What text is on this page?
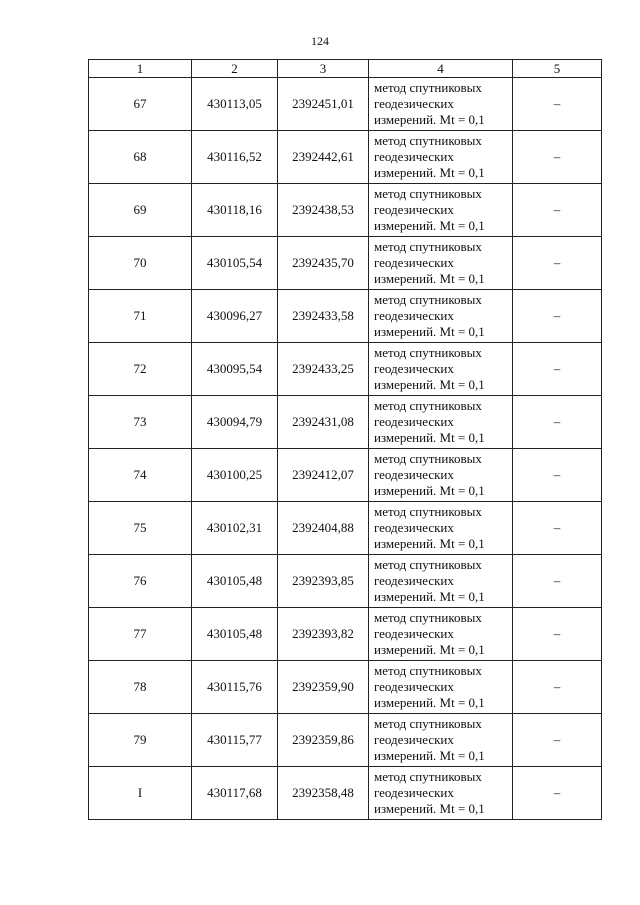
124
1	2	3	4	5
67	430113,05	2392451,01	метод спутниковых
геодезических
измерений. Mt = 0,1	–
68	430116,52	2392442,61	метод спутниковых
геодезических
измерений. Mt = 0,1	–
69	430118,16	2392438,53	метод спутниковых
геодезических
измерений. Mt = 0,1	–
70	430105,54	2392435,70	метод спутниковых
геодезических
измерений. Mt = 0,1	–
71	430096,27	2392433,58	метод спутниковых
геодезических
измерений. Mt = 0,1	–
72	430095,54	2392433,25	метод спутниковых
геодезических
измерений. Mt = 0,1	–
73	430094,79	2392431,08	метод спутниковых
геодезических
измерений. Mt = 0,1	–
74	430100,25	2392412,07	метод спутниковых
геодезических
измерений. Mt = 0,1	–
75	430102,31	2392404,88	метод спутниковых
геодезических
измерений. Mt = 0,1	–
76	430105,48	2392393,85	метод спутниковых
геодезических
измерений. Mt = 0,1	–
77	430105,48	2392393,82	метод спутниковых
геодезических
измерений. Mt = 0,1	–
78	430115,76	2392359,90	метод спутниковых
геодезических
измерений. Mt = 0,1	–
79	430115,77	2392359,86	метод спутниковых
геодезических
измерений. Mt = 0,1	–
I	430117,68	2392358,48	метод спутниковых
геодезических
измерений. Mt = 0,1	–
